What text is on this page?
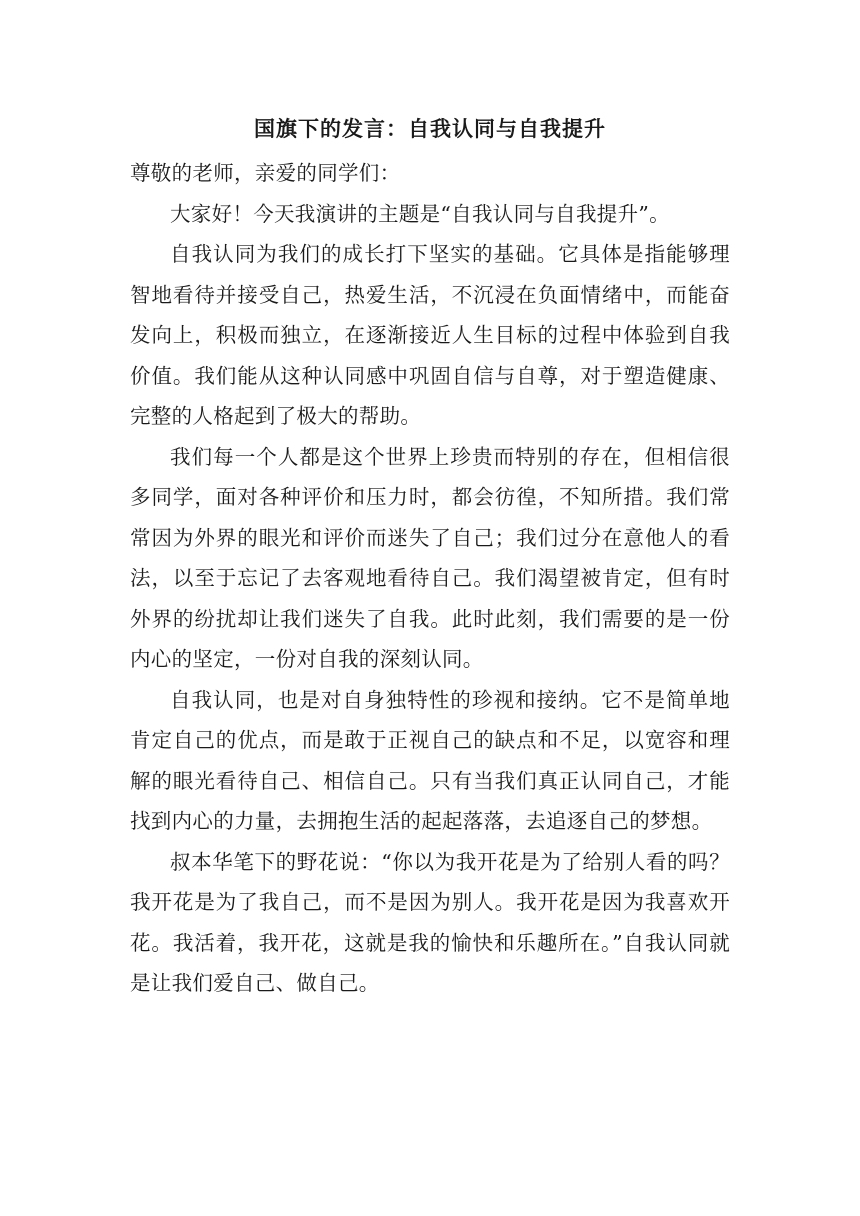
国旗下的发言：自我认同与自我提升

尊敬的老师，亲爱的同学们：

大家好！今天我演讲的主题是“自我认同与自我提升”。

自我认同为我们的成长打下坚实的基础。它具体是指能够理智地看待并接受自己，热爱生活，不沉浸在负面情绪中，而能奋发向上，积极而独立，在逐渐接近人生目标的过程中体验到自我价值。我们能从这种认同感中巩固自信与自尊，对于塑造健康、完整的人格起到了极大的帮助。

我们每一个人都是这个世界上珍贵而特别的存在，但相信很多同学，面对各种评价和压力时，都会彷徨，不知所措。我们常常因为外界的眼光和评价而迷失了自己；我们过分在意他人的看法，以至于忘记了去客观地看待自己。我们渴望被肯定，但有时外界的纷扰却让我们迷失了自我。此时此刻，我们需要的是一份内心的坚定，一份对自我的深刻认同。

自我认同，也是对自身独特性的珍视和接纳。它不是简单地肯定自己的优点，而是敢于正视自己的缺点和不足，以宽容和理解的眼光看待自己、相信自己。只有当我们真正认同自己，才能找到内心的力量，去拥抱生活的起起落落，去追逐自己的梦想。

叔本华笔下的野花说：“你以为我开花是为了给别人看的吗？我开花是为了我自己，而不是因为别人。我开花是因为我喜欢开花。我活着，我开花，这就是我的愉快和乐趣所在。”自我认同就是让我们爱自己、做自己。
